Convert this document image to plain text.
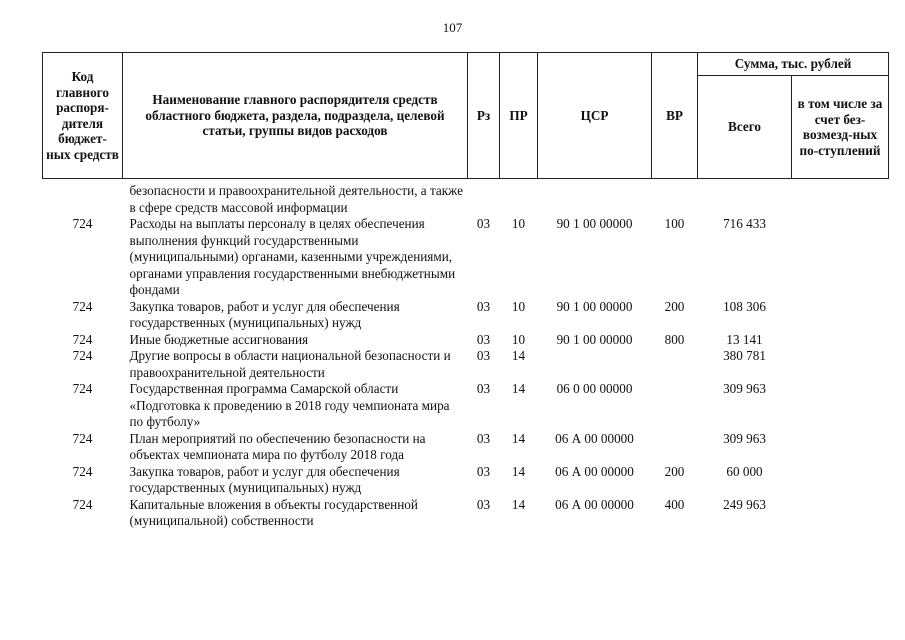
107
Код главного распоря-дителя бюджет-ных средств	Наименование главного распорядителя средств областного бюджета, раздела, подраздела, целевой статьи, группы видов расходов	Рз	ПР	ЦСР	ВР	Сумма, тыс. рублей	
						Всего	в том числе за счет без-возмезд-ных по-ступлений

	безопасности и правоохранительной деятельности, а также в сфере средств массовой информации						
724	Расходы на выплаты персоналу в целях обеспечения выполнения функций государственными (муниципальными) органами, казенными учреждениями, органами управления государственными внебюджетными фондами	03	10	90 1 00 00000	100	716 433	
724	Закупка товаров, работ и услуг для обеспечения государственных (муниципальных) нужд	03	10	90 1 00 00000	200	108 306	
724	Иные бюджетные ассигнования	03	10	90 1 00 00000	800	13 141	
724	Другие вопросы в области национальной безопасности и правоохранительной деятельности	03	14			380 781	
724	Государственная программа Самарской области «Подготовка к проведению в 2018 году чемпионата мира по футболу»	03	14	06 0 00 00000		309 963	
724	План мероприятий по обеспечению безопасности на объектах чемпионата мира по футболу 2018 года	03	14	06 А 00 00000		309 963	
724	Закупка товаров, работ и услуг для обеспечения государственных (муниципальных) нужд	03	14	06 А 00 00000	200	60 000	
724	Капитальные вложения в объекты государственной (муниципальной) собственности	03	14	06 А 00 00000	400	249 963	
